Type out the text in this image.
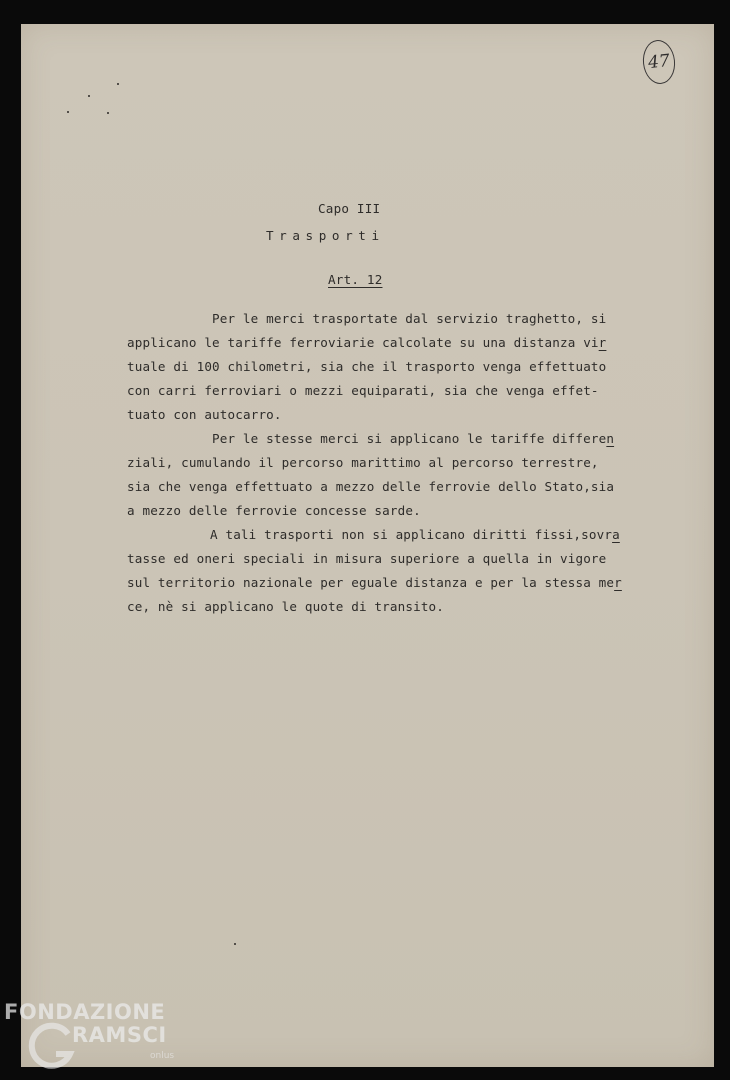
47
Capo III
Trasporti
Art. 12
Per le merci trasportate dal servizio traghetto, si
applicano le tariffe ferroviarie calcolate su una distanza vir
tuale di 100 chilometri, sia che il trasporto venga effettuato
con carri ferroviari o mezzi equiparati, sia che venga effet-
tuato con autocarro.
Per le stesse merci si applicano le tariffe differen
ziali, cumulando il percorso marittimo al percorso terrestre,
sia che venga effettuato a mezzo delle ferrovie dello Stato,sia
a mezzo delle ferrovie concesse sarde.
A tali trasporti non si applicano diritti fissi,sovra
tasse ed oneri speciali in misura superiore a quella in vigore
sul territorio nazionale per eguale distanza e per la stessa mer
ce, nè si applicano le quote di transito.
FONDAZIONE
RAMSCI
onlus
